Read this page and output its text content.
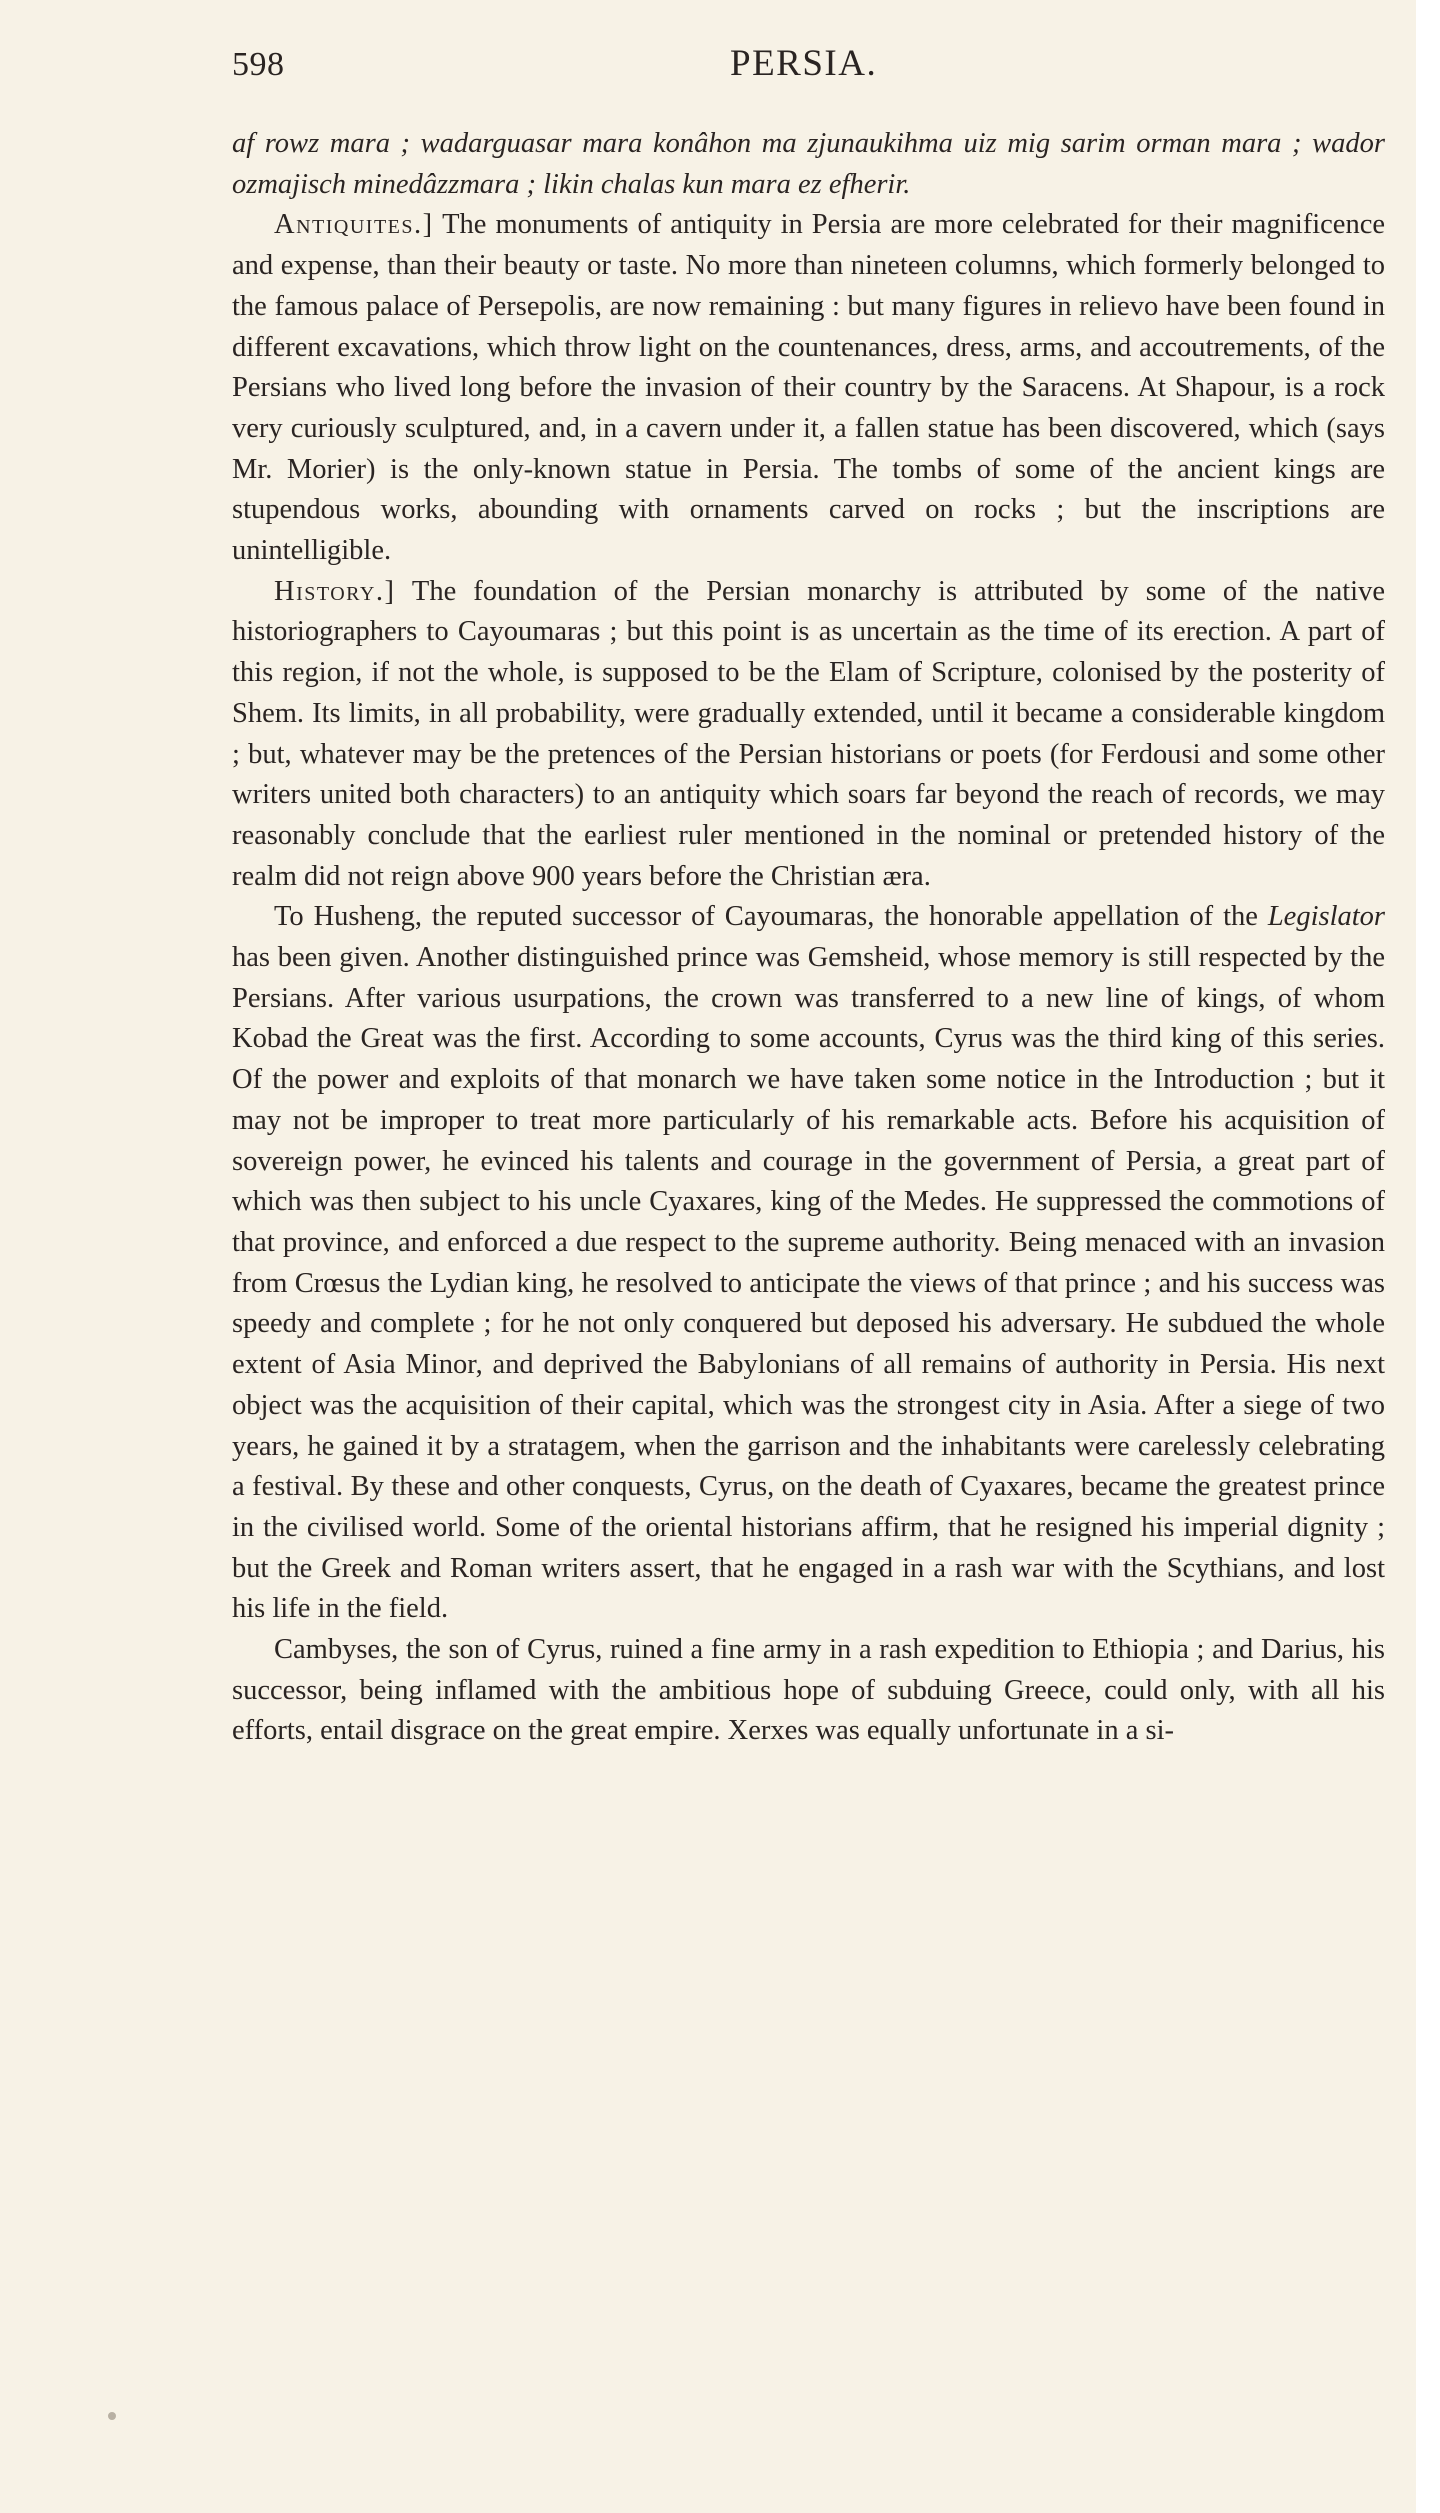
598	PERSIA.

af rowz mara ; wadarguasar mara konâhon ma zjunaukihma uiz mig sarim orman mara ; wador ozmajisch minedâzzmara ; likin chalas kun mara ez efherir.

Antiquites.] The monuments of antiquity in Persia are more celebrated for their magnificence and expense, than their beauty or taste. No more than nineteen columns, which formerly belonged to the famous palace of Persepolis, are now remaining : but many figures in relievo have been found in different excavations, which throw light on the countenances, dress, arms, and accoutrements, of the Persians who lived long before the invasion of their country by the Saracens. At Shapour, is a rock very curiously sculptured, and, in a cavern under it, a fallen statue has been discovered, which (says Mr. Morier) is the only-known statue in Persia. The tombs of some of the ancient kings are stupendous works, abounding with ornaments carved on rocks ; but the inscriptions are unintelligible.

History.] The foundation of the Persian monarchy is attributed by some of the native historiographers to Cayoumaras ; but this point is as uncertain as the time of its erection. A part of this region, if not the whole, is supposed to be the Elam of Scripture, colonised by the posterity of Shem. Its limits, in all probability, were gradually extended, until it became a considerable kingdom ; but, whatever may be the pretences of the Persian historians or poets (for Ferdousi and some other writers united both characters) to an antiquity which soars far beyond the reach of records, we may reasonably conclude that the earliest ruler mentioned in the nominal or pretended history of the realm did not reign above 900 years before the Christian æra.

To Husheng, the reputed successor of Cayoumaras, the honorable appellation of the Legislator has been given. Another distinguished prince was Gemsheid, whose memory is still respected by the Persians. After various usurpations, the crown was transferred to a new line of kings, of whom Kobad the Great was the first. According to some accounts, Cyrus was the third king of this series. Of the power and exploits of that monarch we have taken some notice in the Introduction ; but it may not be improper to treat more particularly of his remarkable acts. Before his acquisition of sovereign power, he evinced his talents and courage in the government of Persia, a great part of which was then subject to his uncle Cyaxares, king of the Medes. He suppressed the commotions of that province, and enforced a due respect to the supreme authority. Being menaced with an invasion from Crœsus the Lydian king, he resolved to anticipate the views of that prince ; and his success was speedy and complete ; for he not only conquered but deposed his adversary. He subdued the whole extent of Asia Minor, and deprived the Babylonians of all remains of authority in Persia. His next object was the acquisition of their capital, which was the strongest city in Asia. After a siege of two years, he gained it by a stratagem, when the garrison and the inhabitants were carelessly celebrating a festival. By these and other conquests, Cyrus, on the death of Cyaxares, became the greatest prince in the civilised world. Some of the oriental historians affirm, that he resigned his imperial dignity ; but the Greek and Roman writers assert, that he engaged in a rash war with the Scythians, and lost his life in the field.

Cambyses, the son of Cyrus, ruined a fine army in a rash expedition to Ethiopia ; and Darius, his successor, being inflamed with the ambitious hope of subduing Greece, could only, with all his efforts, entail disgrace on the great empire. Xerxes was equally unfortunate in a si-
